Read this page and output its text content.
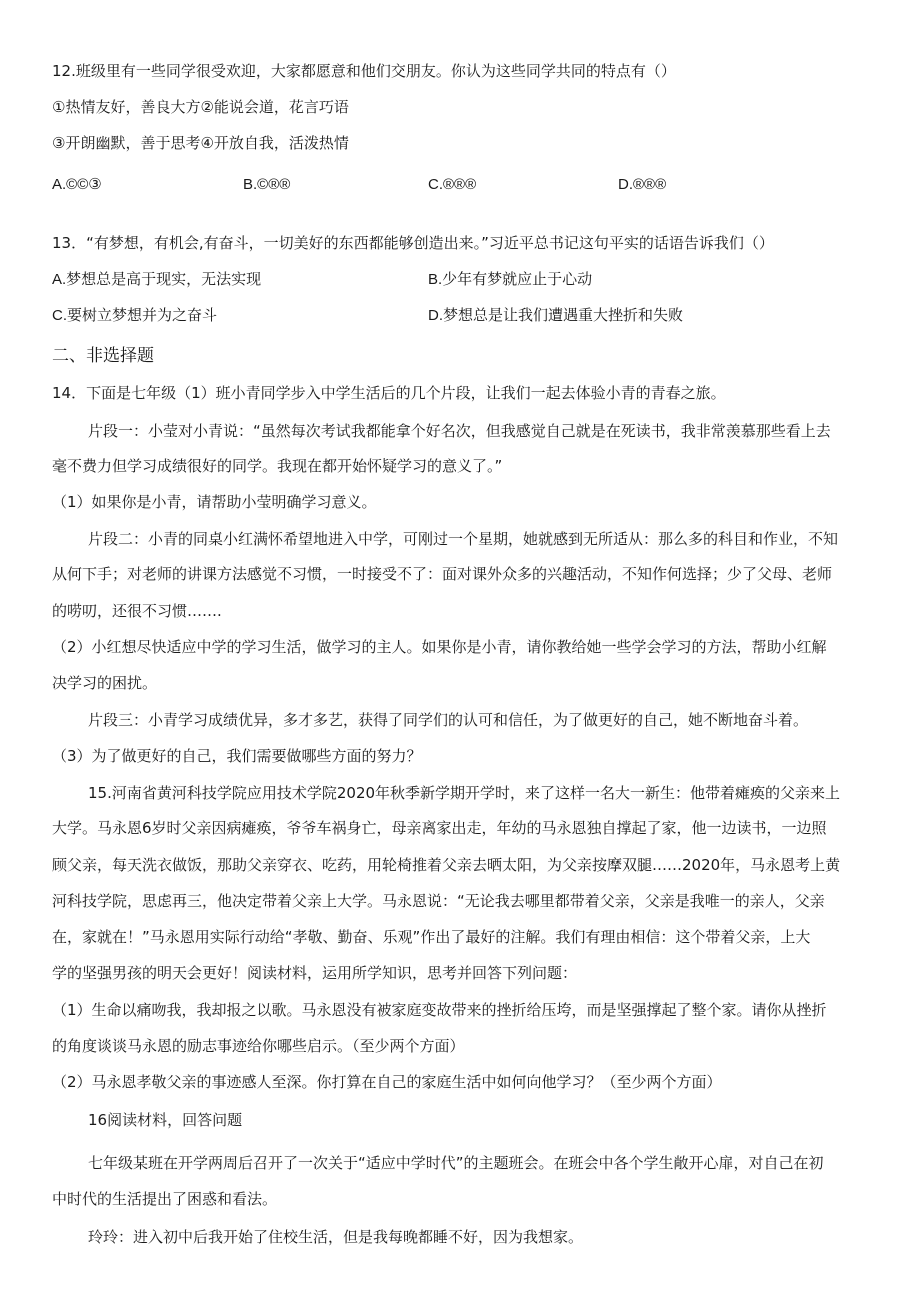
12.班级里有一些同学很受欢迎，大家都愿意和他们交朋友。你认为这些同学共同的特点有（）
①热情友好，善良大方②能说会道，花言巧语
③开朗幽默，善于思考④开放自我，活泼热情
A.©©③	B.©®®	C.®®®	D.®®®
13．“有梦想，有机会,有奋斗，一切美好的东西都能够创造出来。”习近平总书记这句平实的话语告诉我们（）
A.梦想总是高于现实，无法实现	B.少年有梦就应止于心动
C.要树立梦想并为之奋斗	D.梦想总是让我们遭遇重大挫折和失败
二、非选择题
14．下面是七年级（1）班小青同学步入中学生活后的几个片段，让我们一起去体验小青的青春之旅。
片段一：小莹对小青说：“虽然每次考试我都能拿个好名次，但我感觉自己就是在死读书，我非常羡慕那些看上去
毫不费力但学习成绩很好的同学。我现在都开始怀疑学习的意义了。”
（1）如果你是小青，请帮助小莹明确学习意义。
片段二：小青的同桌小红满怀希望地进入中学，可刚过一个星期，她就感到无所适从：那么多的科目和作业，不知
从何下手；对老师的讲课方法感觉不习惯，一时接受不了：面对课外众多的兴趣活动，不知作何选择；少了父母、老师
的唠叨，还很不习惯…….
（2）小红想尽快适应中学的学习生活，做学习的主人。如果你是小青，请你教给她一些学会学习的方法，帮助小红解
决学习的困扰。
片段三：小青学习成绩优异，多才多艺，获得了同学们的认可和信任，为了做更好的自己，她不断地奋斗着。
（3）为了做更好的自己，我们需要做哪些方面的努力？
15.河南省黄河科技学院应用技术学院2020年秋季新学期开学时，来了这样一名大一新生：他带着瘫痪的父亲来上
大学。马永恩6岁时父亲因病瘫痪，爷爷车祸身亡，母亲离家出走，年幼的马永恩独自撑起了家，他一边读书，一边照
顾父亲，每天洗衣做饭，那助父亲穿衣、吃药，用轮椅推着父亲去晒太阳，为父亲按摩双腿……2020年，马永恩考上黄
河科技学院，思虑再三，他决定带着父亲上大学。马永恩说：“无论我去哪里都带着父亲，父亲是我唯一的亲人，父亲
在，家就在！”马永恩用实际行动给“孝敬、勤奋、乐观”作出了最好的注解。我们有理由相信：这个带着父亲，上大
学的坚强男孩的明天会更好！阅读材料，运用所学知识，思考并回答下列问题：
（1）生命以痛吻我，我却报之以歌。马永恩没有被家庭变故带来的挫折给压垮，而是坚强撑起了整个家。请你从挫折
的角度谈谈马永恩的励志事迹给你哪些启示。（至少两个方面）
（2）马永恩孝敬父亲的事迹感人至深。你打算在自己的家庭生活中如何向他学习？（至少两个方面）
16阅读材料，回答问题
七年级某班在开学两周后召开了一次关于“适应中学时代”的主题班会。在班会中各个学生敞开心扉，对自己在初
中时代的生活提出了困惑和看法。
玲玲：进入初中后我开始了住校生活，但是我每晚都睡不好，因为我想家。
